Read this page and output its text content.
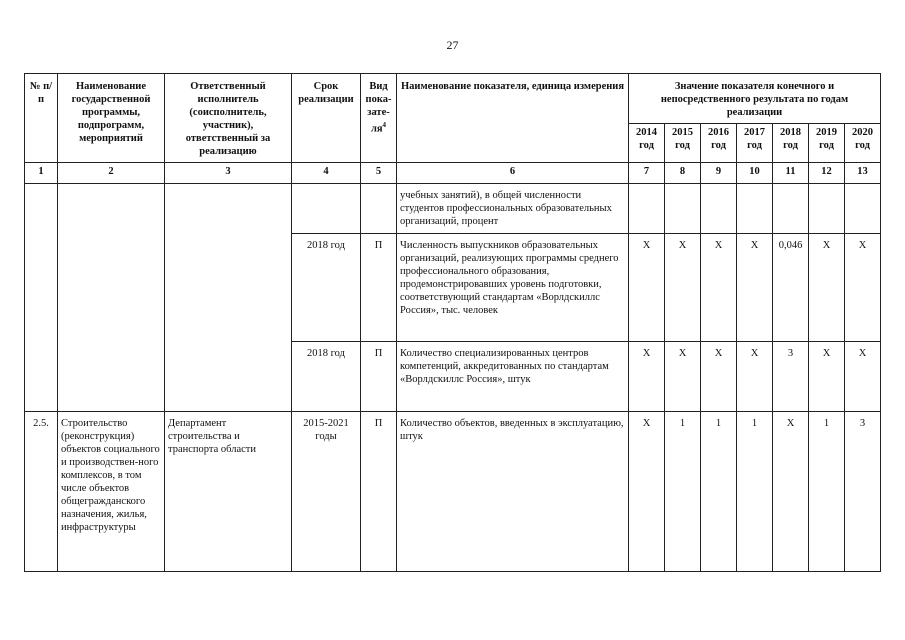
27
№ п/п	Наименование государственной программы, подпрограмм, мероприятий	Ответственный исполнитель (соисполнитель, участник), ответственный за реализацию	Срок реализации	Вид пока-$зате-ля^4$	Наименование показателя, единица измерения	Значение показателя конечного и непосредственного результата по годам реализации						
						2014 год	2015 год	2016 год	2017 год	2018 год	2019 год	2020 год
1	2	3	4	5	6	7	8	9	10	11	12	13
					учебных занятий), в общей численности студентов профессиональных образовательных организаций, процент							
			2018 год	П	Численность выпускников образовательных организаций, реализующих программы среднего профессионального образования, продемонстрировавших уровень подготовки, соответствующий стандартам «Ворлдскиллс Россия», тыс. человек	Х	Х	Х	Х	0,046	Х	Х
			2018 год	П	Количество специализированных центров компетенций, аккредитованных по стандартам «Ворлдскиллс Россия», штук	Х	Х	Х	Х	3	Х	Х
2.5.	Строительство (реконструкция) объектов социального и производствен-ного комплексов, в том числе объектов общегражданского назначения, жилья, инфраструктуры	Департамент строительства и транспорта области	2015-2021 годы	П	Количество объектов, введенных в эксплуатацию, штук	Х	1	1	1	Х	1	3
